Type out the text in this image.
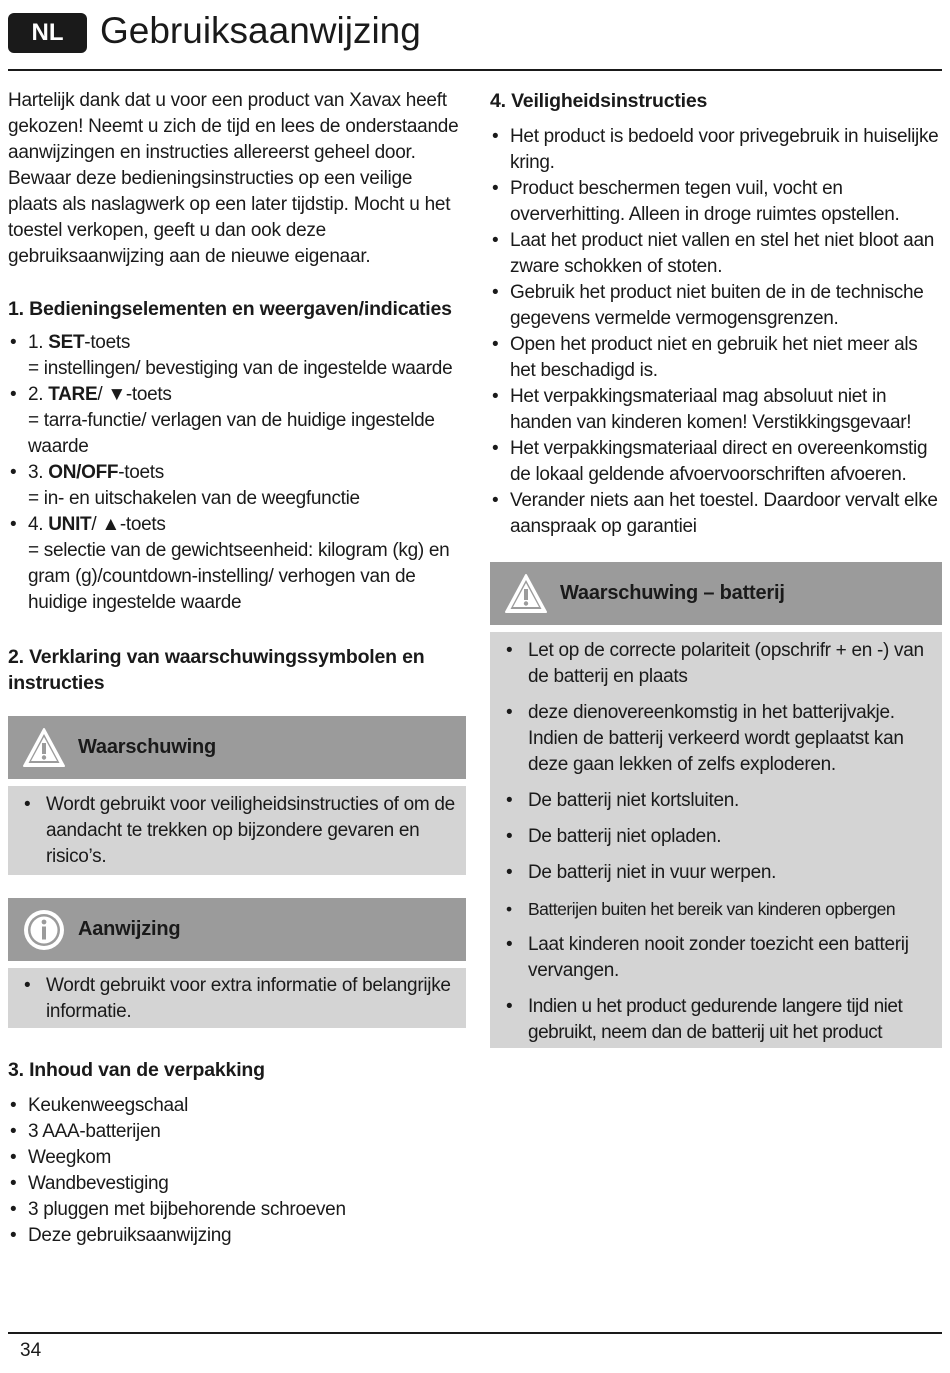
NL Gebruiksaanwijzing

Hartelijk dank dat u voor een product van Xavax heeft gekozen! Neemt u zich de tijd en lees de onderstaande aanwijzingen en instructies allereerst geheel door. Bewaar deze bedieningsinstructies op een veilige plaats als naslagwerk op een later tijdstip. Mocht u het toestel verkopen, geeft u dan ook deze gebruiksaanwijzing aan de nieuwe eigenaar.

1. Bedieningselementen en weergaven/indicaties
• 1. SET-toets
= instellingen/ bevestiging van de ingestelde waarde
• 2. TARE/ ▼-toets
= tarra-functie/ verlagen van de huidige ingestelde waarde
• 3. ON/OFF-toets
= in- en uitschakelen van de weegfunctie
• 4. UNIT/ ▲-toets
= selectie van de gewichtseenheid: kilogram (kg) en gram (g)/countdown-instelling/ verhogen van de huidige ingestelde waarde
2. Verklaring van waarschuwingssymbolen en instructies
Waarschuwing
• Wordt gebruikt voor veiligheidsinstructies of om de aandacht te trekken op bijzondere gevaren en risico’s.
Aanwijzing
• Wordt gebruikt voor extra informatie of belangrijke informatie.
3. Inhoud van de verpakking
• Keukenweegschaal
• 3 AAA-batterijen
• Weegkom
• Wandbevestiging
• 3 pluggen met bijbehorende schroeven
• Deze gebruiksaanwijzing
4. Veiligheidsinstructies
• Het product is bedoeld voor privegebruik in huiselijke kring.
• Product beschermen tegen vuil, vocht en oververhitting. Alleen in droge ruimtes opstellen.
• Laat het product niet vallen en stel het niet bloot aan zware schokken of stoten.
• Gebruik het product niet buiten de in de technische gegevens vermelde vermogensgrenzen.
• Open het product niet en gebruik het niet meer als het beschadigd is.
• Het verpakkingsmateriaal mag absoluut niet in handen van kinderen komen! Verstikkingsgevaar!
• Het verpakkingsmateriaal direct en overeenkomstig de lokaal geldende afvoervoorschriften afvoeren.
• Verander niets aan het toestel. Daardoor vervalt elke aanspraak op garantiei
Waarschuwing – batterij
• Let op de correcte polariteit (opschrifr + en -) van de batterij en plaats
• deze dienovereenkomstig in het batterijvakje. Indien de batterij verkeerd wordt geplaatst kan deze gaan lekken of zelfs exploderen.
• De batterij niet kortsluiten.
• De batterij niet opladen.
• De batterij niet in vuur werpen.
• Batterijen buiten het bereik van kinderen opbergen
• Laat kinderen nooit zonder toezicht een batterij vervangen.
• Indien u het product gedurende langere tijd niet gebruikt, neem dan de batterij uit het product
34
